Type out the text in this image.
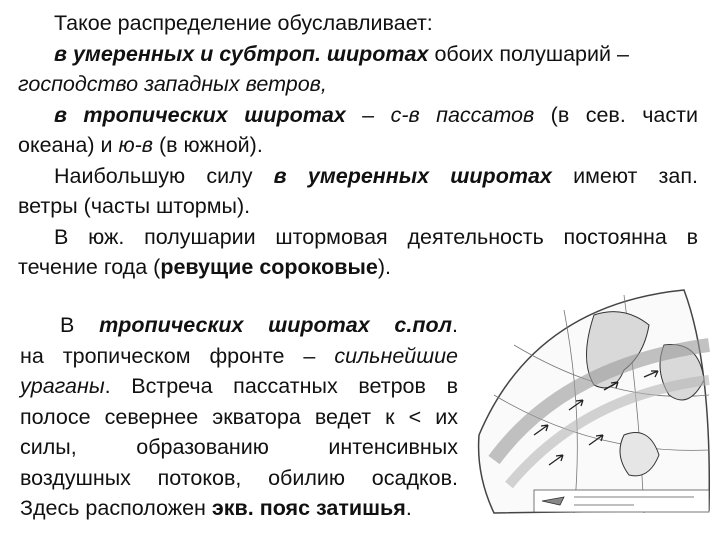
Такое распределение обуславливает:
в умеренных и субтроп. широтах обоих полушарий –
господство западных ветров,
в тропических широтах – с-в пассатов (в сев. части
океана) и ю-в (в южной).
Наибольшую силу в умеренных широтах имеют зап.
ветры (часты штормы).
В юж. полушарии штормовая деятельность постоянна в
течение года (ревущие сороковые).
В тропических широтах с.пол.
на тропическом фронте – сильнейшие
ураганы. Встреча пассатных ветров в
полосе севернее экватора ведет к < их
силы, образованию интенсивных
воздушных потоков, обилию осадков.
Здесь расположен экв. пояс затишья.
